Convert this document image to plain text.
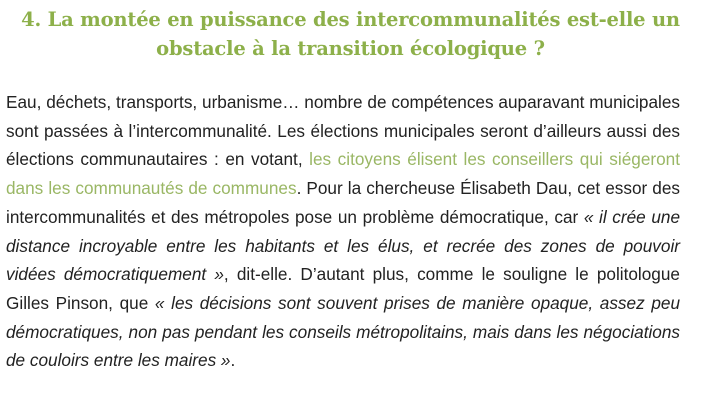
4. La montée en puissance des intercommunalités est-elle un obstacle à la transition écologique ?

Eau, déchets, transports, urbanisme… nombre de compétences auparavant municipales sont passées à l’intercommunalité. Les élections municipales seront d’ailleurs aussi des élections communautaires : en votant, les citoyens élisent les conseillers qui siégeront dans les communautés de communes. Pour la chercheuse Élisabeth Dau, cet essor des intercommunalités et des métropoles pose un problème démocratique, car « il crée une distance incroyable entre les habitants et les élus, et recrée des zones de pouvoir vidées démocratiquement », dit-elle. D’autant plus, comme le souligne le politologue Gilles Pinson, que « les décisions sont souvent prises de manière opaque, assez peu démocratiques, non pas pendant les conseils métropolitains, mais dans les négociations de couloirs entre les maires ».
